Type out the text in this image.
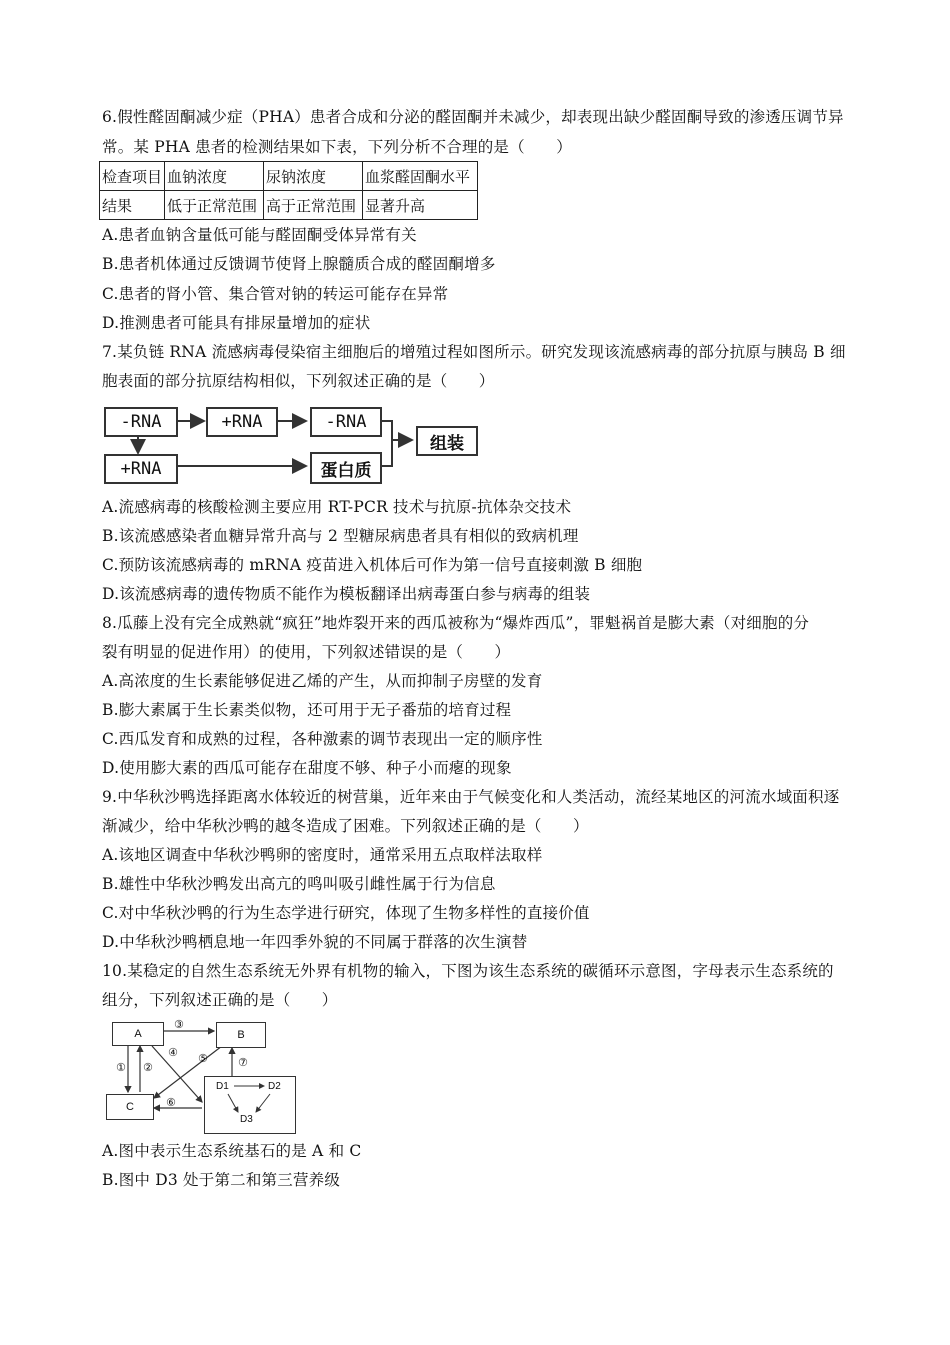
6.假性醛固酮减少症（PHA）患者合成和分泌的醛固酮并未减少，却表现出缺少醛固酮导致的渗透压调节异
常。某 PHA 患者的检测结果如下表，下列分析不合理的是（　　）
检查项目	血钠浓度	尿钠浓度	血浆醛固酮水平
结果	低于正常范围	高于正常范围	显著升高
A.患者血钠含量低可能与醛固酮受体异常有关
B.患者机体通过反馈调节使肾上腺髓质合成的醛固酮增多
C.患者的肾小管、集合管对钠的转运可能存在异常
D.推测患者可能具有排尿量增加的症状
7.某负链 RNA 流感病毒侵染宿主细胞后的增殖过程如图所示。研究发现该流感病毒的部分抗原与胰岛 B 细
胞表面的部分抗原结构相似，下列叙述正确的是（　　）
-RNA	+RNA	-RNA
+RNA	蛋白质
组装
A.流感病毒的核酸检测主要应用 RT-PCR 技术与抗原-抗体杂交技术
B.该流感感染者血糖异常升高与 2 型糖尿病患者具有相似的致病机理
C.预防该流感病毒的 mRNA 疫苗进入机体后可作为第一信号直接刺激 B 细胞
D.该流感病毒的遗传物质不能作为模板翻译出病毒蛋白参与病毒的组装
8.瓜藤上没有完全成熟就“疯狂”地炸裂开来的西瓜被称为“爆炸西瓜”，罪魁祸首是膨大素（对细胞的分
裂有明显的促进作用）的使用，下列叙述错误的是（　　）
A.高浓度的生长素能够促进乙烯的产生，从而抑制子房壁的发育
B.膨大素属于生长素类似物，还可用于无子番茄的培育过程
C.西瓜发育和成熟的过程，各种激素的调节表现出一定的顺序性
D.使用膨大素的西瓜可能存在甜度不够、种子小而瘪的现象
9.中华秋沙鸭选择距离水体较近的树营巢，近年来由于气候变化和人类活动，流经某地区的河流水域面积逐
渐减少，给中华秋沙鸭的越冬造成了困难。下列叙述正确的是（　　）
A.该地区调查中华秋沙鸭卵的密度时，通常采用五点取样法取样
B.雄性中华秋沙鸭发出高亢的鸣叫吸引雌性属于行为信息
C.对中华秋沙鸭的行为生态学进行研究，体现了生物多样性的直接价值
D.中华秋沙鸭栖息地一年四季外貌的不同属于群落的次生演替
10.某稳定的自然生态系统无外界有机物的输入，下图为该生态系统的碳循环示意图，字母表示生态系统的
组分，下列叙述正确的是（　　）
A	B
C
D1	D2
D3
③
① ②
④ ⑤
⑥
⑦
A.图中表示生态系统基石的是 A 和 C
B.图中 D3 处于第二和第三营养级
